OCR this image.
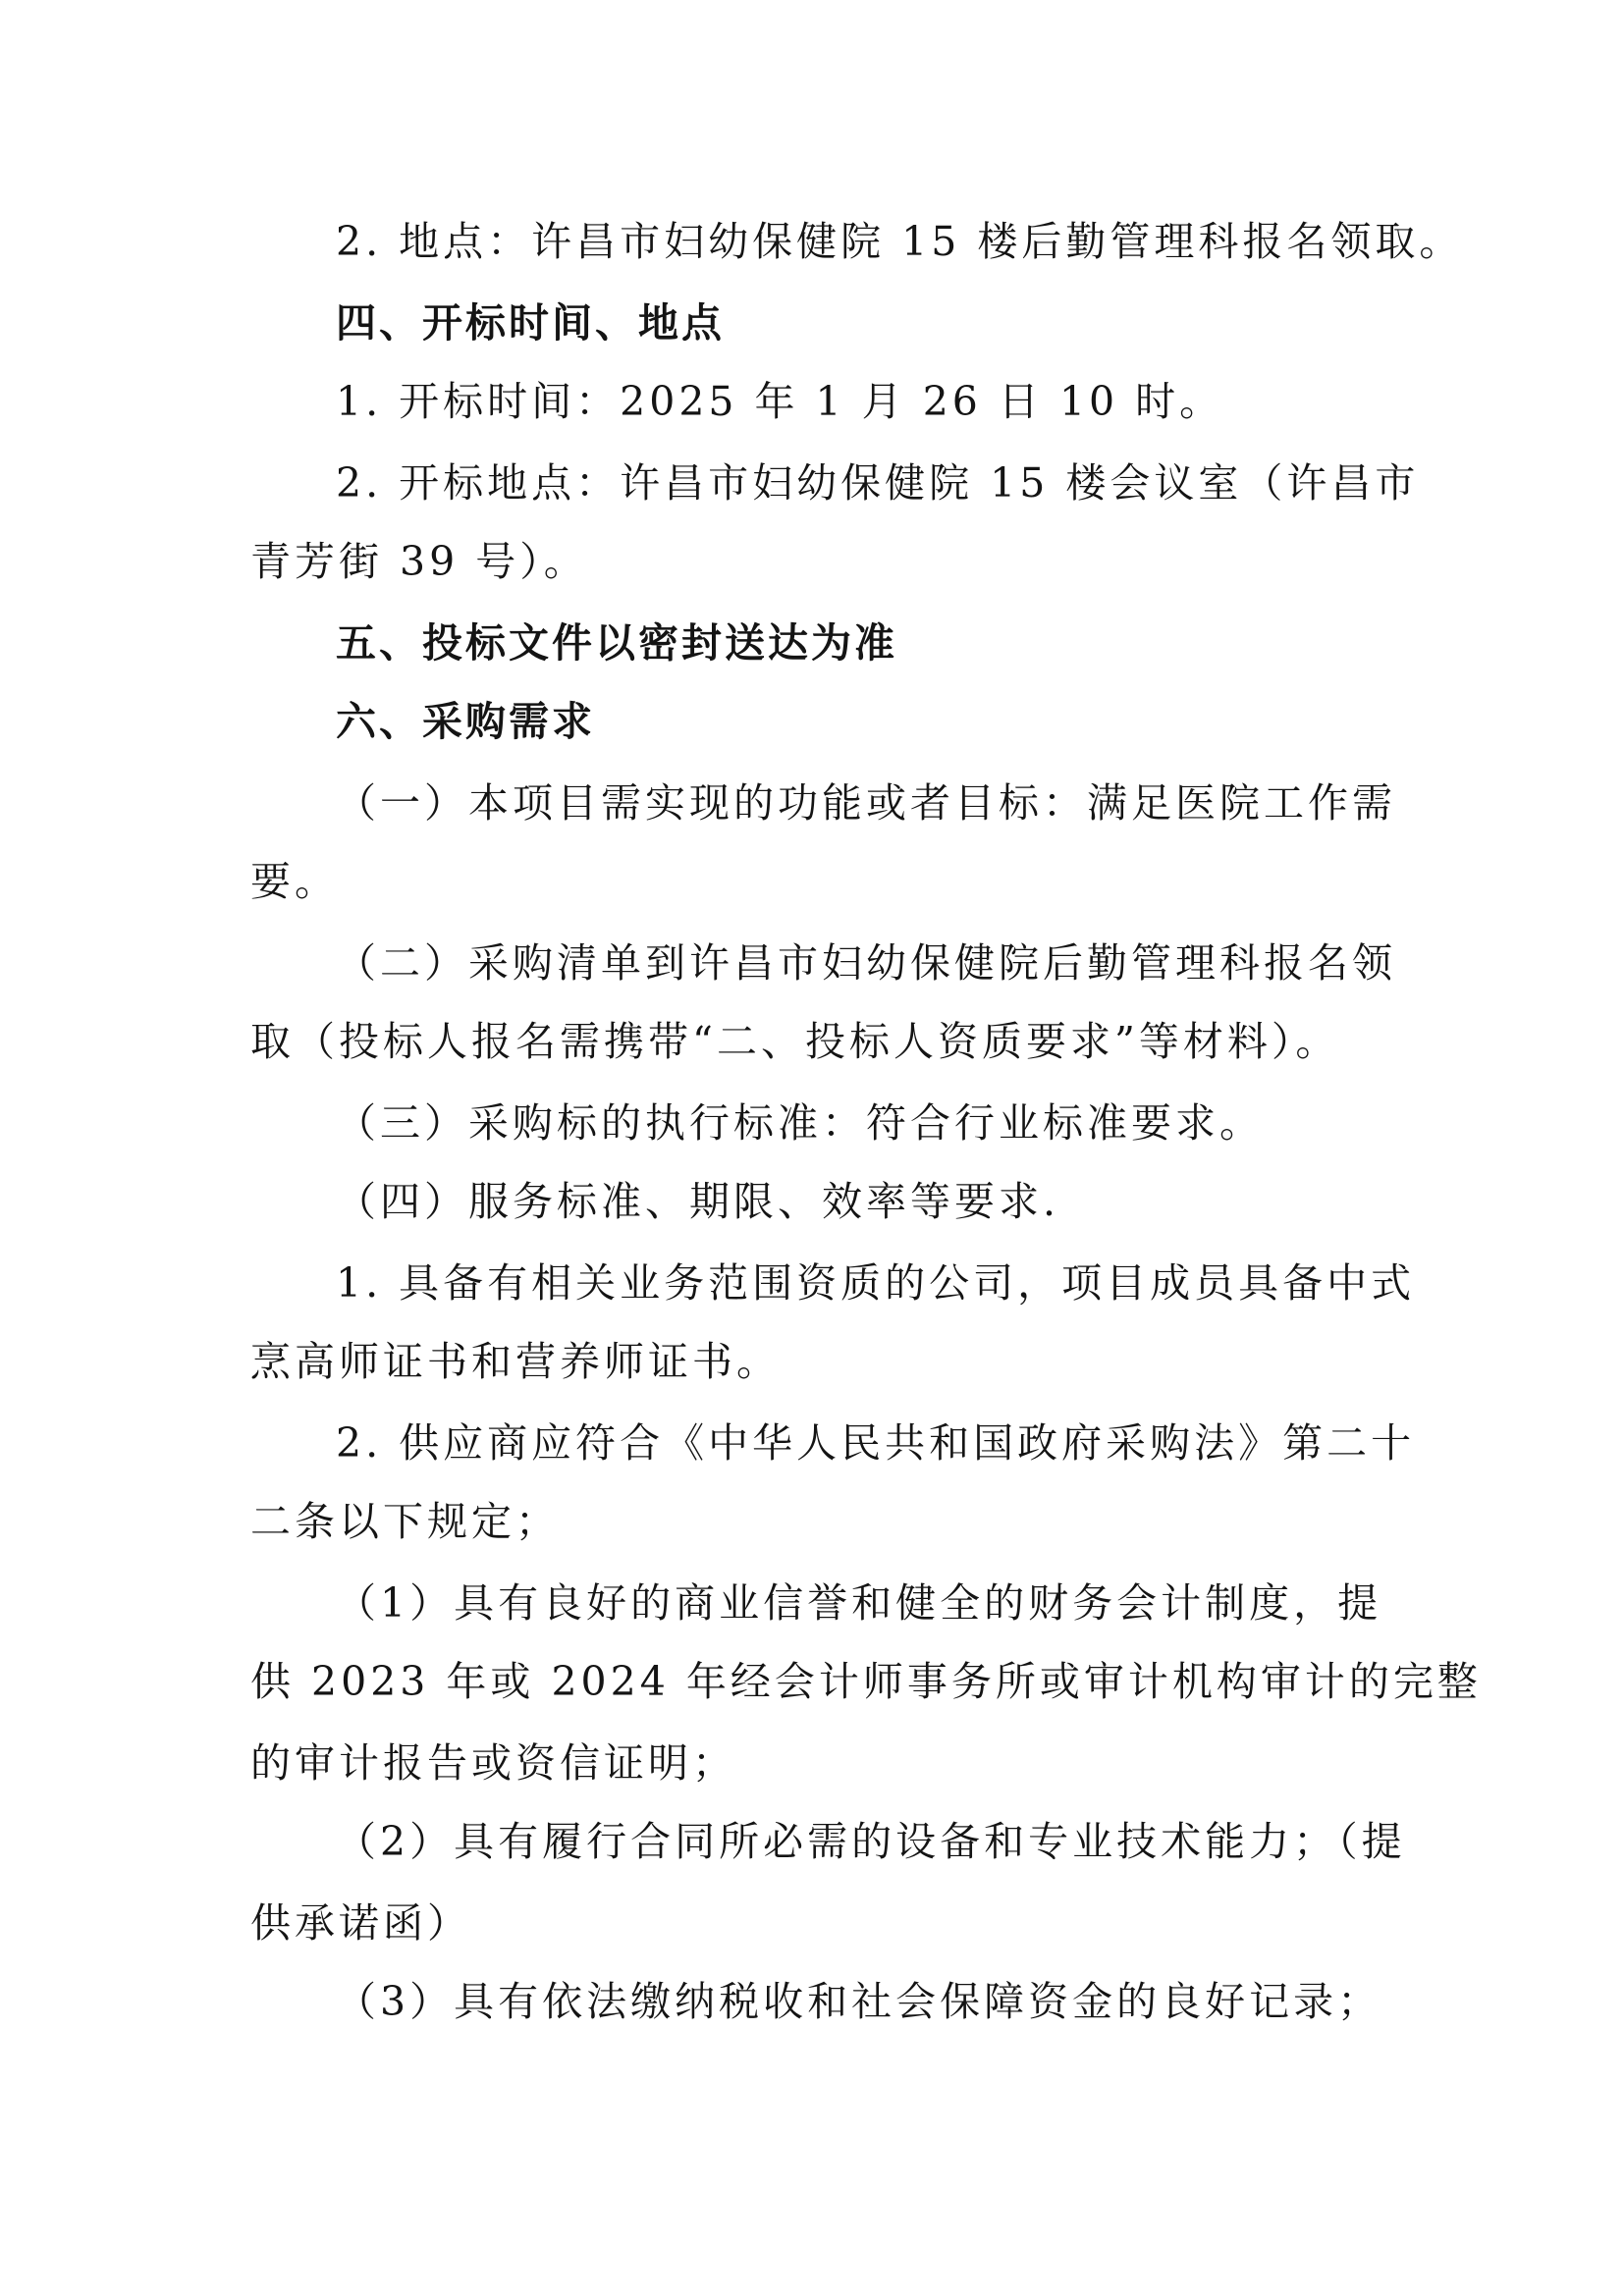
2. 地点：许昌市妇幼保健院 15 楼后勤管理科报名领取。
四、开标时间、地点
1. 开标时间：2025 年 1 月 26 日 10 时。
2. 开标地点：许昌市妇幼保健院 15 楼会议室（许昌市
青芳街 39 号）。
五、投标文件以密封送达为准
六、采购需求
（一）本项目需实现的功能或者目标：满足医院工作需
要。
（二）采购清单到许昌市妇幼保健院后勤管理科报名领
取（投标人报名需携带“二、投标人资质要求”等材料）。
（三）采购标的执行标准：符合行业标准要求。
（四）服务标准、期限、效率等要求.
1. 具备有相关业务范围资质的公司，项目成员具备中式
烹高师证书和营养师证书。
2. 供应商应符合《中华人民共和国政府采购法》第二十
二条以下规定；
（1）具有良好的商业信誉和健全的财务会计制度，提
供 2023 年或 2024 年经会计师事务所或审计机构审计的完整
的审计报告或资信证明；
（2）具有履行合同所必需的设备和专业技术能力；（提
供承诺函）
（3）具有依法缴纳税收和社会保障资金的良好记录；
